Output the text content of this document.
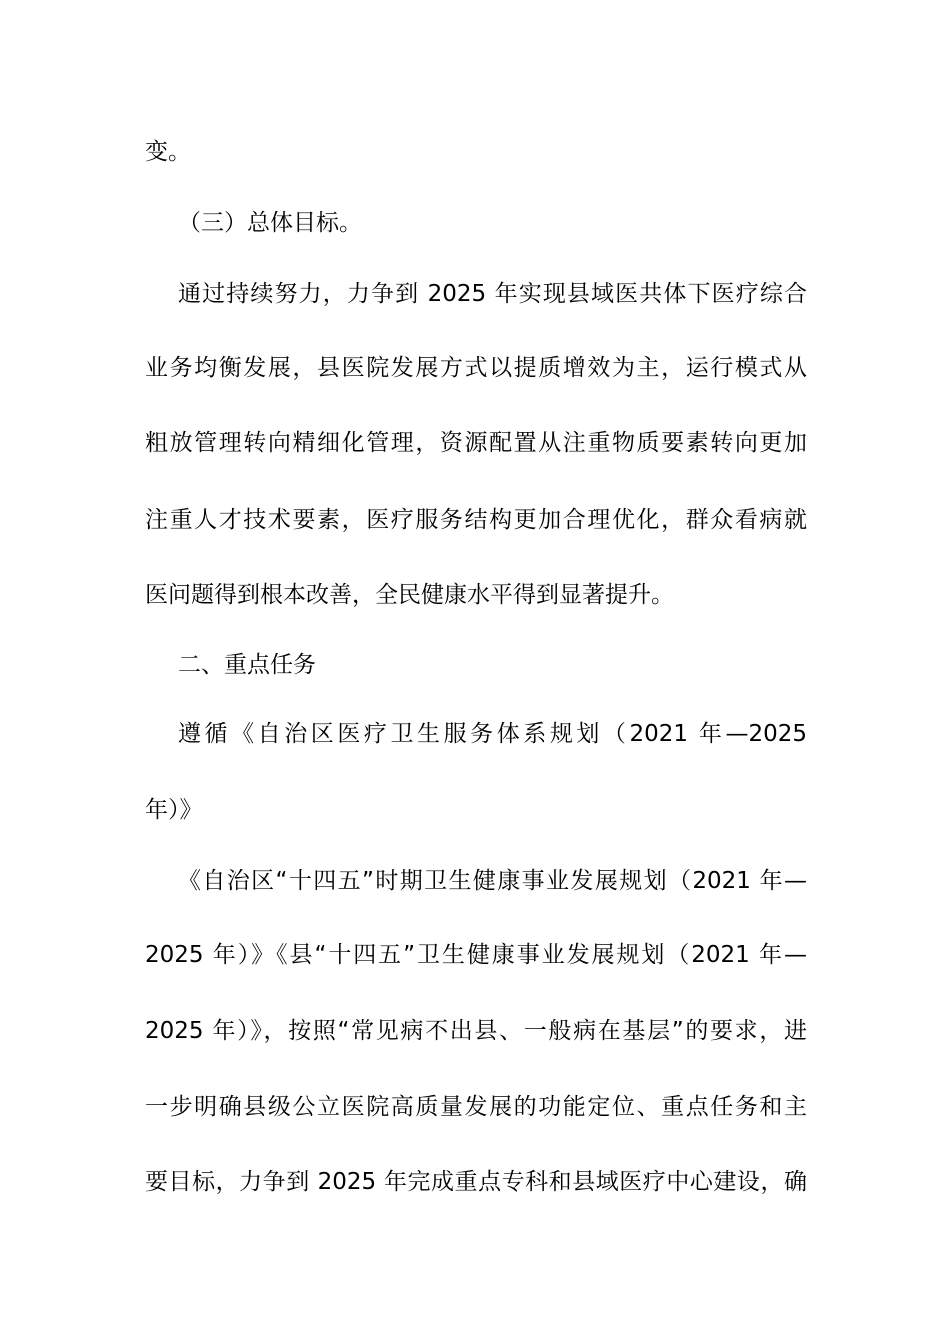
变。
（三）总体目标。
通过持续努力，力争到 2025 年实现县域医共体下医疗综合
业务均衡发展，县医院发展方式以提质增效为主，运行模式从
粗放管理转向精细化管理，资源配置从注重物质要素转向更加
注重人才技术要素，医疗服务结构更加合理优化，群众看病就
医问题得到根本改善，全民健康水平得到显著提升。
二、重点任务
遵循《自治区医疗卫生服务体系规划（2021 年—2025
年）》
《自治区“十四五”时期卫生健康事业发展规划（2021 年—
2025 年）》《县“十四五”卫生健康事业发展规划（2021 年—
2025 年）》，按照“常见病不出县、一般病在基层”的要求，进
一步明确县级公立医院高质量发展的功能定位、重点任务和主
要目标，力争到 2025 年完成重点专科和县域医疗中心建设，确
